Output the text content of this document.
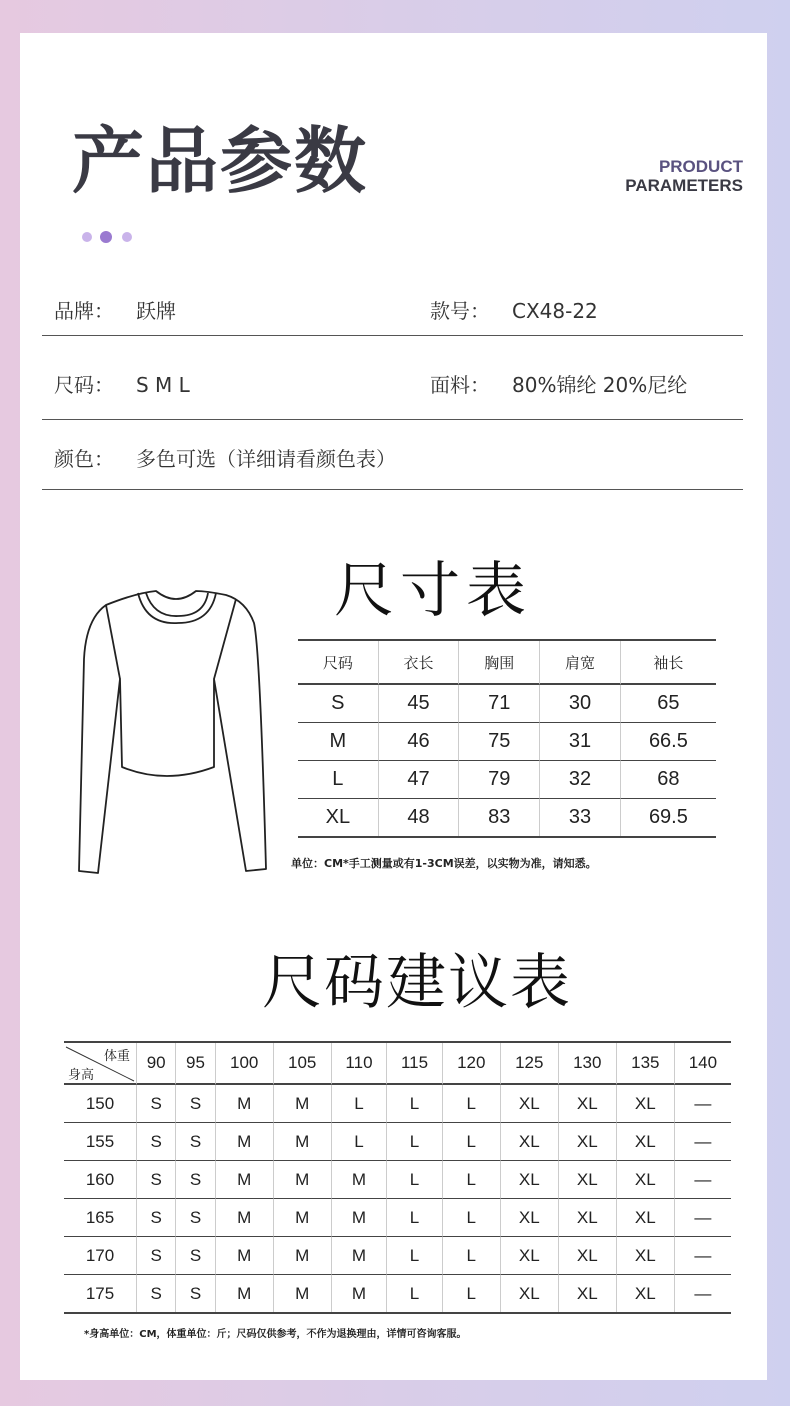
产品参数	PRODUCT
PARAMETERS
品牌： 跃牌	款号： CX48-22
尺码： S M L	面料： 80%锦纶 20%尼纶
颜色： 多色可选（详细请看颜色表）
尺寸表
尺码	衣长	胸围	肩宽	袖长
S	45	71	30	65
M	46	75	31	66.5
L	47	79	32	68
XL	48	83	33	69.5
单位：CM*手工测量或有1-3CM误差，以实物为准，请知悉。
尺码建议表
体重
身高	90	95	100	105	110	115	120	125	130	135	140
150	S	S	M	M	L	L	L	XL	XL	XL	—
155	S	S	M	M	L	L	L	XL	XL	XL	—
160	S	S	M	M	M	L	L	XL	XL	XL	—
165	S	S	M	M	M	L	L	XL	XL	XL	—
170	S	S	M	M	M	L	L	XL	XL	XL	—
175	S	S	M	M	M	L	L	XL	XL	XL	—
*身高单位：CM，体重单位：斤；尺码仅供参考，不作为退换理由，详情可咨询客服。
